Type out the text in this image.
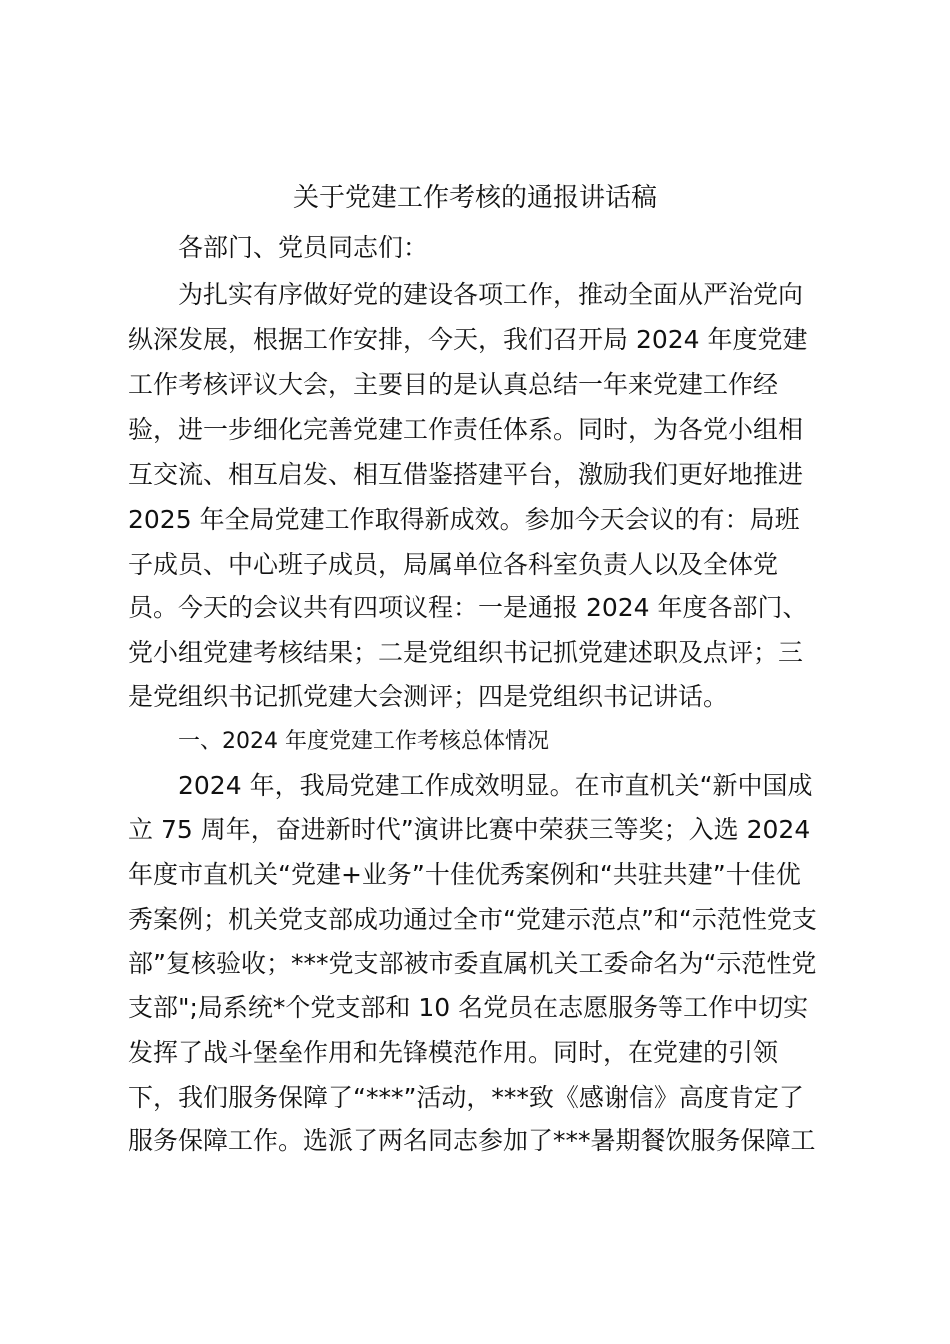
关于党建工作考核的通报讲话稿
各部门、党员同志们：
为扎实有序做好党的建设各项工作，推动全面从严治党向
纵深发展，根据工作安排，今天，我们召开局 2024 年度党建
工作考核评议大会，主要目的是认真总结一年来党建工作经
验，进一步细化完善党建工作责任体系。同时，为各党小组相
互交流、相互启发、相互借鉴搭建平台，激励我们更好地推进
2025 年全局党建工作取得新成效。参加今天会议的有：局班
子成员、中心班子成员，局属单位各科室负责人以及全体党
员。今天的会议共有四项议程：一是通报 2024 年度各部门、
党小组党建考核结果；二是党组织书记抓党建述职及点评；三
是党组织书记抓党建大会测评；四是党组织书记讲话。
一、2024 年度党建工作考核总体情况
2024 年，我局党建工作成效明显。在市直机关“新中国成
立 75 周年，奋进新时代”演讲比赛中荣获三等奖；入选 2024
年度市直机关“党建+业务”十佳优秀案例和“共驻共建”十佳优
秀案例；机关党支部成功通过全市“党建示范点”和“示范性党支
部”复核验收；***党支部被市委直属机关工委命名为“示范性党
支部";局系统*个党支部和 10 名党员在志愿服务等工作中切实
发挥了战斗堡垒作用和先锋模范作用。同时，在党建的引领
下，我们服务保障了“***”活动，***致《感谢信》高度肯定了
服务保障工作。选派了两名同志参加了***暑期餐饮服务保障工
